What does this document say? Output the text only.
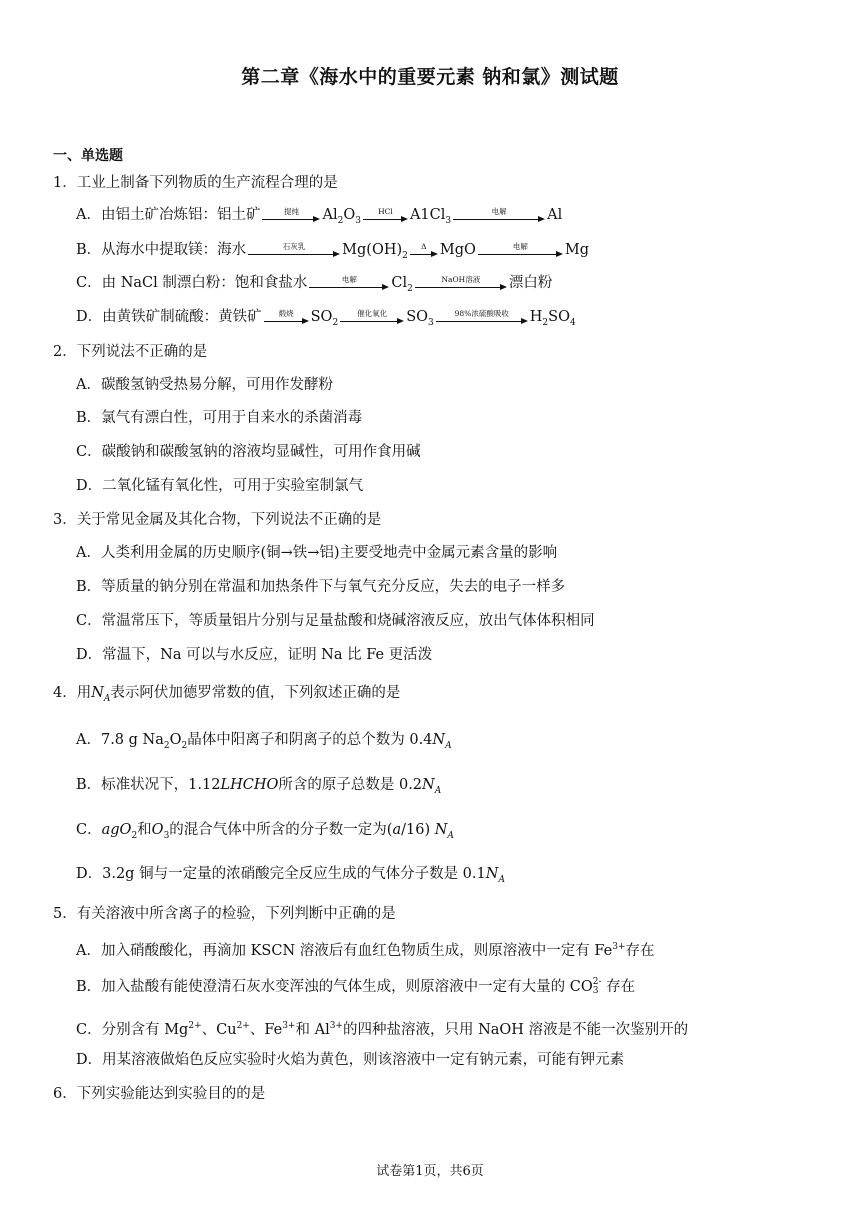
第二章《海水中的重要元素 钠和氯》测试题
一、单选题
1．工业上制备下列物质的生产流程合理的是
A．由铝土矿冶炼铝：铝土矿	提纯	$Al_2O_3$
HCl	$A1Cl_3$
电解	Al
B．从海水中提取镁：海水	石灰乳	$Mg(OH)_2$
Δ MgO	电解	Mg
C．由 NaCl 制漂白粉：饱和食盐水	电解	$Cl_2$
NaOH溶液	漂白粉
D．由黄铁矿制硫酸：黄铁矿	煅烧	$SO_2$
催化氧化	$SO_3$
98%浓硫酸吸收	$H_2SO_4$
2．下列说法不正确的是
A．碳酸氢钠受热易分解，可用作发酵粉
B．氯气有漂白性，可用于自来水的杀菌消毒
C．碳酸钠和碳酸氢钠的溶液均显碱性，可用作食用碱
D．二氧化锰有氧化性，可用于实验室制氯气
3．关于常见金属及其化合物，下列说法不正确的是
A．人类利用金属的历史顺序(铜→铁→铝)主要受地壳中金属元素含量的影响
B．等质量的钠分别在常温和加热条件下与氧气充分反应，失去的电子一样多
C．常温常压下，等质量铝片分别与足量盐酸和烧碱溶液反应，放出气体体积相同
D．常温下，Na 可以与水反应，证明 Na 比 Fe 更活泼
4．用$N_A$表示阿伏加德罗常数的值，下列叙述正确的是
A．7.8 g $Na_2O_2$晶体中阳离子和阴离子的总个数为 $0.4N_A$
B．标准状况下，1.12LHCHO所含的原子总数是 $0.2N_A$
C．agO$_2$和$O_3$的混合气体中所含的分子数一定为(a/16) $N_A$
D．3.2g 铜与一定量的浓硝酸完全反应生成的气体分子数是 $0.1N_A$
5．有关溶液中所含离子的检验，下列判断中正确的是
A．加入硝酸酸化，再滴加 KSCN 溶液后有血红色物质生成，则原溶液中一定有 $Fe^{3+}$存在
B．加入盐酸有能使澄清石灰水变浑浊的气体生成，则原溶液中一定有大量的 CO 2-
3 存在
C．分别含有 $Mg^{2+}$、$Cu^{2+}$、$Fe^{3+}$和 $Al^{3+}$的四种盐溶液，只用 NaOH 溶液是不能一次鉴别开的
D．用某溶液做焰色反应实验时火焰为黄色，则该溶液中一定有钠元素，可能有钾元素
6．下列实验能达到实验目的的是
试卷第1页，共6页
